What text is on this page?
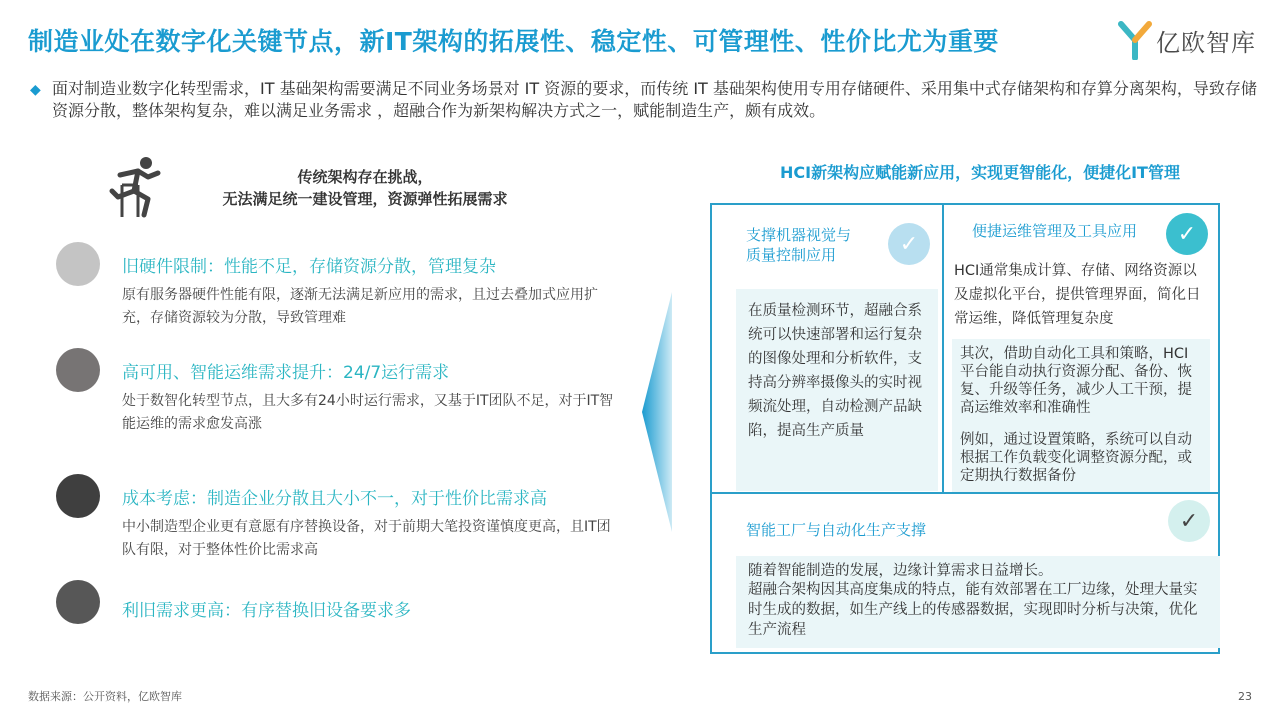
制造业处在数字化关键节点，新IT架构的拓展性、稳定性、可管理性、性价比尤为重要	亿欧智库
◆ 面对制造业数字化转型需求，IT 基础架构需要满足不同业务场景对 IT 资源的要求，而传统 IT 基础架构使用专用存储硬件、采用集中式存储架构和存算分离架构，导致存储资源分散，整体架构复杂，难以满足业务需求 ，超融合作为新架构解决方式之一，赋能制造生产，颇有成效。

传统架构存在挑战，
无法满足统一建设管理，资源弹性拓展需求
旧硬件限制：性能不足，存储资源分散，管理复杂
原有服务器硬件性能有限，逐渐无法满足新应用的需求，且过去叠加式应用扩充，存储资源较为分散，导致管理难
高可用、智能运维需求提升：24/7运行需求
处于数智化转型节点，且大多有24小时运行需求，又基于IT团队不足，对于IT智能运维的需求愈发高涨
成本考虑：制造企业分散且大小不一，对于性价比需求高
中小制造型企业更有意愿有序替换设备，对于前期大笔投资谨慎度更高，且IT团队有限，对于整体性价比需求高
利旧需求更高：有序替换旧设备要求多
HCI新架构应赋能新应用，实现更智能化，便捷化IT管理
支撑机器视觉与
质量控制应用	✓
在质量检测环节，超融合系统可以快速部署和运行复杂的图像处理和分析软件，支持高分辨率摄像头的实时视频流处理，自动检测产品缺陷，提高生产质量
便捷运维管理及工具应用	✓
HCI通常集成计算、存储、网络资源以及虚拟化平台，提供管理界面，简化日常运维，降低管理复杂度
其次，借助自动化工具和策略，HCI平台能自动执行资源分配、备份、恢复、升级等任务，减少人工干预，提高运维效率和准确性
例如，通过设置策略，系统可以自动根据工作负载变化调整资源分配，或定期执行数据备份
智能工厂与自动化生产支撑	✓
随着智能制造的发展，边缘计算需求日益增长。
超融合架构因其高度集成的特点，能有效部署在工厂边缘，处理大量实时生成的数据，如生产线上的传感器数据，实现即时分析与决策，优化生产流程
数据来源：公开资料，亿欧智库	23
